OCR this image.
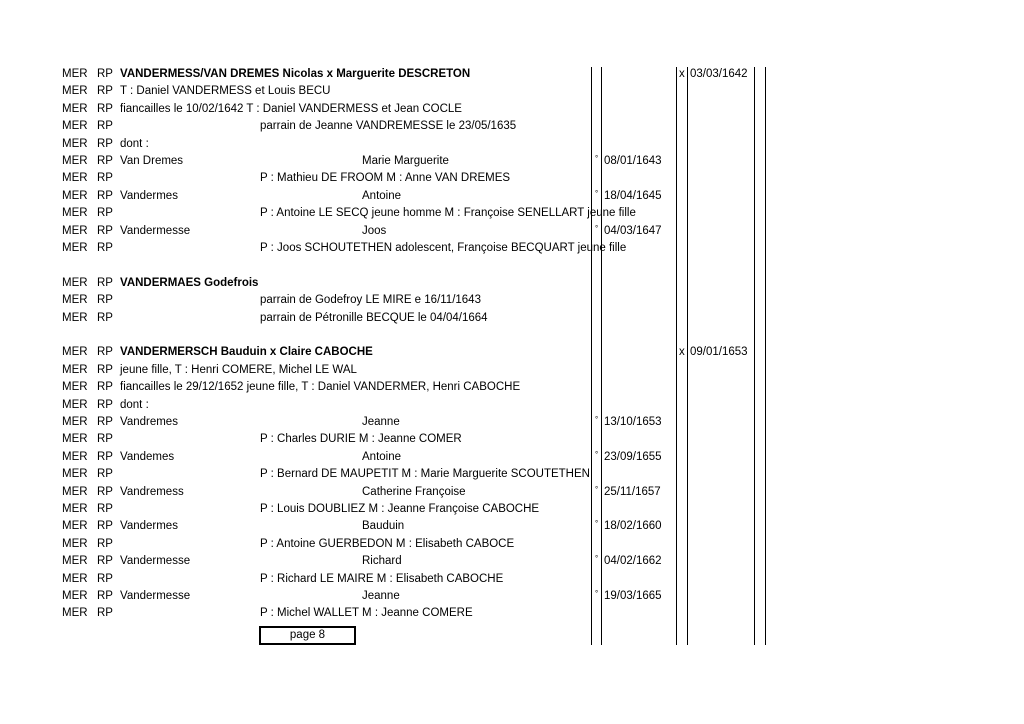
MER RP VANDERMESS/VAN DREMES Nicolas x Marguerite DESCRETON	x 03/03/1642
MER RP T : Daniel VANDERMESS et Louis BECU
MER RP fiancailles le 10/02/1642 T : Daniel VANDERMESS et Jean COCLE
MER RP	parrain de Jeanne VANDREMESSE le 23/05/1635
MER RP dont :
MER RP Van Dremes	Marie Marguerite	° 08/01/1643
MER RP	P : Mathieu DE FROOM M : Anne VAN DREMES
MER RP Vandermes	Antoine	° 18/04/1645
MER RP	P : Antoine LE SECQ jeune homme M : Françoise SENELLART jeune fille
MER RP Vandermesse	Joos	° 04/03/1647
MER RP	P : Joos SCHOUTETHEN adolescent, Françoise BECQUART jeune fille
MER RP VANDERMAES Godefrois
MER RP	parrain de Godefroy LE MIRE e 16/11/1643
MER RP	parrain de Pétronille BECQUE le 04/04/1664
MER RP VANDERMERSCH Bauduin x Claire CABOCHE	x 09/01/1653
MER RP jeune fille, T : Henri COMERE, Michel LE WAL
MER RP fiancailles le 29/12/1652 jeune fille, T : Daniel VANDERMER, Henri CABOCHE
MER RP dont :
MER RP Vandremes	Jeanne	° 13/10/1653
MER RP	P : Charles DURIE M : Jeanne COMER
MER RP Vandemes	Antoine	° 23/09/1655
MER RP	P : Bernard DE MAUPETIT M : Marie Marguerite SCOUTETHEN
MER RP Vandremess	Catherine Françoise	° 25/11/1657
MER RP	P : Louis DOUBLIEZ M : Jeanne Françoise CABOCHE
MER RP Vandermes	Bauduin	° 18/02/1660
MER RP	P : Antoine GUERBEDON M : Elisabeth CABOCE
MER RP Vandermesse	Richard	° 04/02/1662
MER RP	P : Richard LE MAIRE M : Elisabeth CABOCHE
MER RP Vandermesse	Jeanne	° 19/03/1665
MER RP	P : Michel WALLET M : Jeanne COMERE
page 8
